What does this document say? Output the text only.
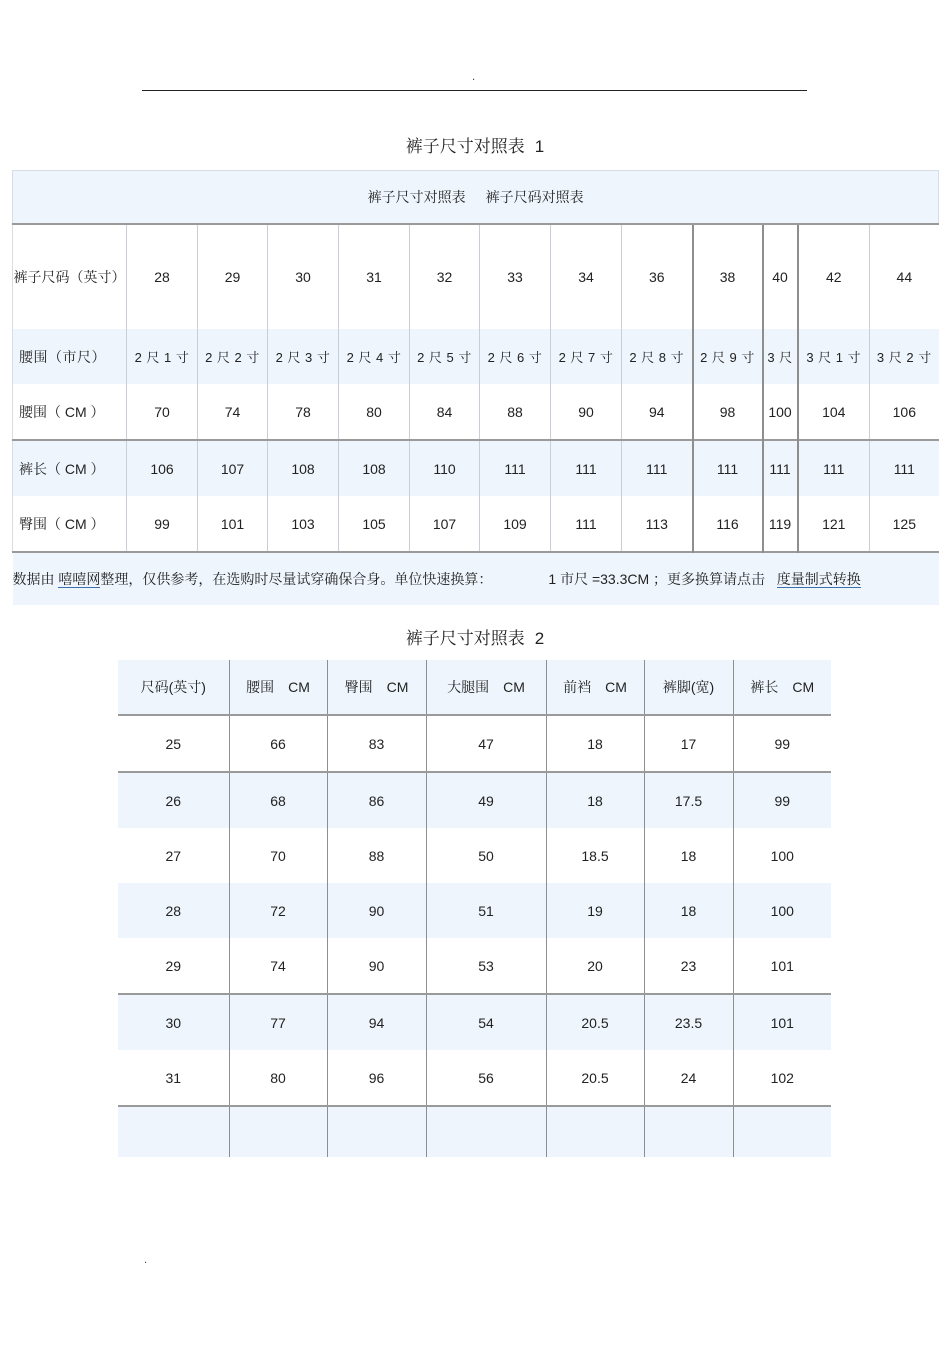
.
裤子尺寸对照表 1
裤子尺寸对照表 裤子尺码对照表												
裤子尺码（英寸）	28	29	30	31	32	33	34	36	38	40	42	44
腰围（市尺）	2 尺 1 寸	2 尺 2 寸	2 尺 3 寸	2 尺 4 寸	2 尺 5 寸	2 尺 6 寸	2 尺 7 寸	2 尺 8 寸	2 尺 9 寸	3 尺	3 尺 1 寸	3 尺 2 寸
腰围（ CM ）	70	74	78	80	84	88	90	94	98	100	104	106
裤长（ CM ）	106	107	108	108	110	111	111	111	111	111	111	111
臀围（ CM ）	99	101	103	105	107	109	111	113	116	119	121	125
数据由 嘻嘻网整理，仅供参考，在选购时尽量试穿确保合身。单位快速换算： 1 市尺 =33.3CM ；更多换算请点击 度量制式转换												
裤子尺寸对照表 2
尺码(英寸)	腰围　CM	臀围　CM	大腿围　CM	前裆　CM	裤脚(宽)	裤长　CM
25	66	83	47	18	17	99
26	68	86	49	18	17.5	99
27	70	88	50	18.5	18	100
28	72	90	51	19	18	100
29	74	90	53	20	23	101
30	77	94	54	20.5	23.5	101
31	80	96	56	20.5	24	102

.
